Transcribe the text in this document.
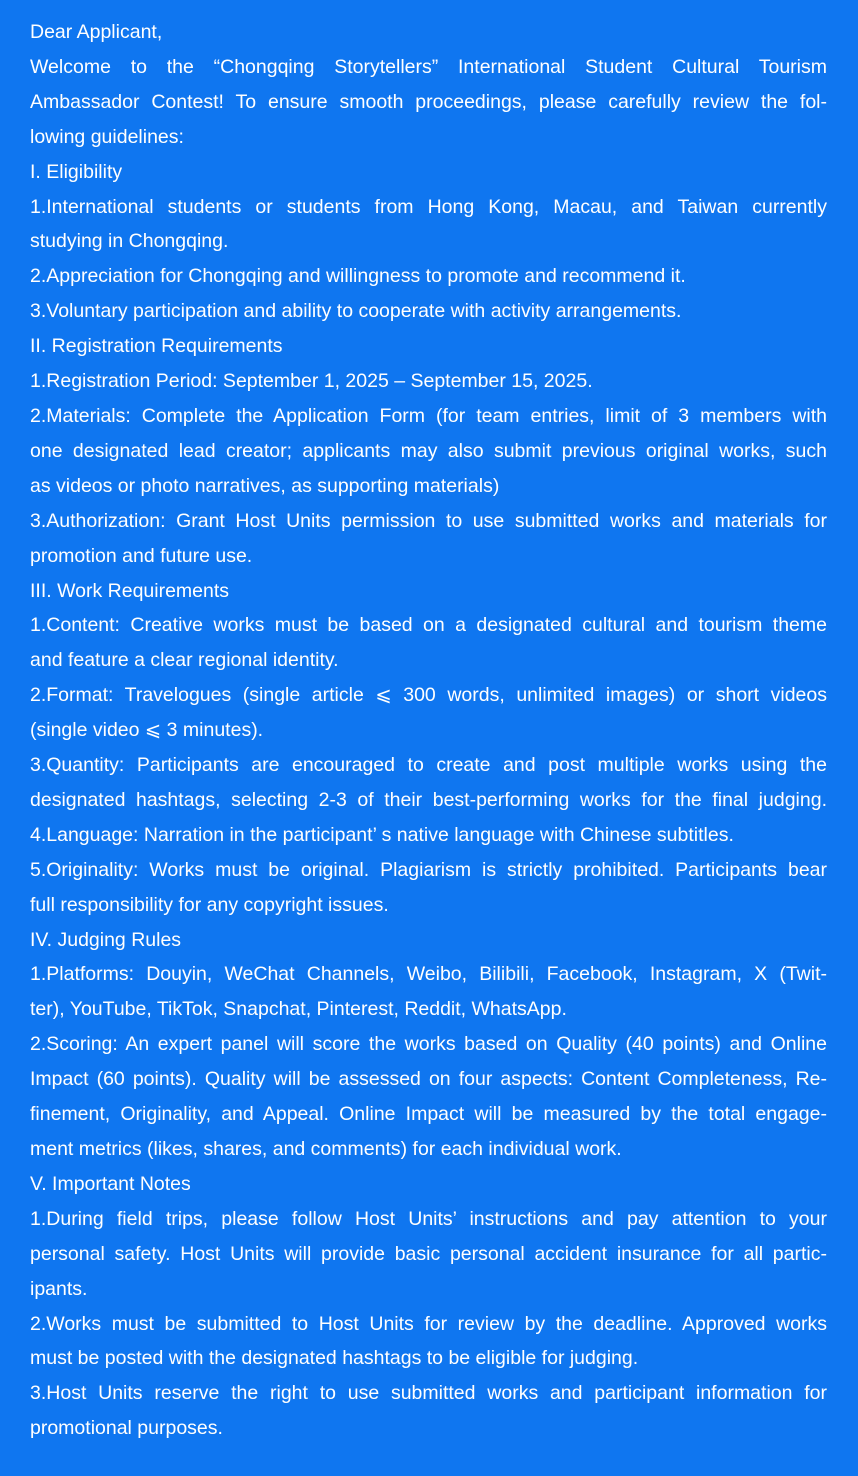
Dear Applicant,
Welcome to the “Chongqing Storytellers” International Student Cultural Tourism
Ambassador Contest! To ensure smooth proceedings, please carefully review the fol-
lowing guidelines:
I. Eligibility
1.International students or students from Hong Kong, Macau, and Taiwan currently
studying in Chongqing.
2.Appreciation for Chongqing and willingness to promote and recommend it.
3.Voluntary participation and ability to cooperate with activity arrangements.
II. Registration Requirements
1.Registration Period: September 1, 2025 – September 15, 2025.
2.Materials: Complete the Application Form (for team entries, limit of 3 members with
one designated lead creator; applicants may also submit previous original works, such
as videos or photo narratives, as supporting materials)
3.Authorization: Grant Host Units permission to use submitted works and materials for
promotion and future use.
III. Work Requirements
1.Content: Creative works must be based on a designated cultural and tourism theme
and feature a clear regional identity.
2.Format: Travelogues (single article ⩽ 300 words, unlimited images) or short videos
(single video ⩽ 3 minutes).
3.Quantity: Participants are encouraged to create and post multiple works using the
designated hashtags, selecting 2-3 of their best-performing works for the final judging.
4.Language: Narration in the participant’ s native language with Chinese subtitles.
5.Originality: Works must be original. Plagiarism is strictly prohibited. Participants bear
full responsibility for any copyright issues.
IV. Judging Rules
1.Platforms: Douyin, WeChat Channels, Weibo, Bilibili, Facebook, Instagram, X (Twit-
ter), YouTube, TikTok, Snapchat, Pinterest, Reddit, WhatsApp.
2.Scoring: An expert panel will score the works based on Quality (40 points) and Online
Impact (60 points). Quality will be assessed on four aspects: Content Completeness, Re-
finement, Originality, and Appeal. Online Impact will be measured by the total engage-
ment metrics (likes, shares, and comments) for each individual work.
V. Important Notes
1.During field trips, please follow Host Units’ instructions and pay attention to your
personal safety. Host Units will provide basic personal accident insurance for all partic-
ipants.
2.Works must be submitted to Host Units for review by the deadline. Approved works
must be posted with the designated hashtags to be eligible for judging.
3.Host Units reserve the right to use submitted works and participant information for
promotional purposes.
